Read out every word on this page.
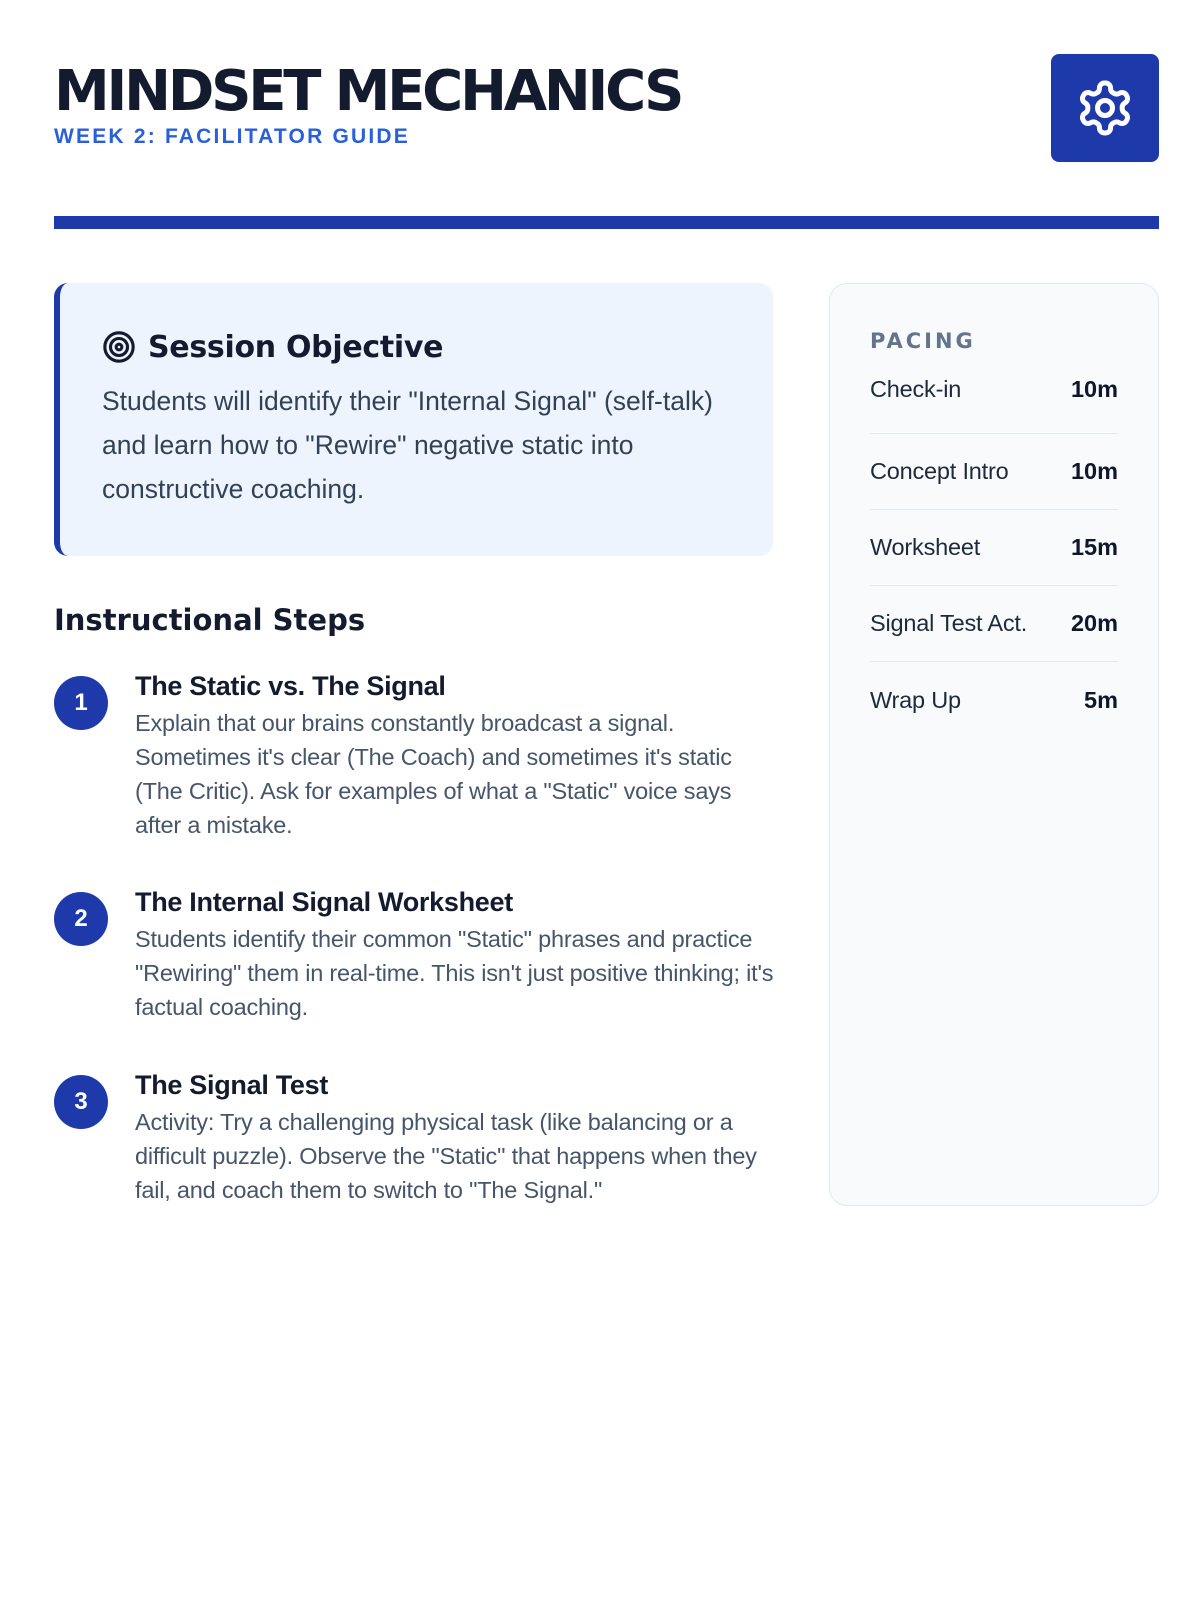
MINDSET MECHANICS
WEEK 2: FACILITATOR GUIDE
Session Objective

Students will identify their "Internal Signal" (self-talk) and learn how to "Rewire" negative static into constructive coaching.

Instructional Steps
1
The Static vs. The Signal
Explain that our brains constantly broadcast a signal. Sometimes it's clear (The Coach) and sometimes it's static (The Critic). Ask for examples of what a "Static" voice says after a mistake.
2
The Internal Signal Worksheet
Students identify their common "Static" phrases and practice "Rewiring" them in real-time. This isn't just positive thinking; it's factual coaching.
3
The Signal Test
Activity: Try a challenging physical task (like balancing or a difficult puzzle). Observe the "Static" that happens when they fail, and coach them to switch to "The Signal."
PACING
Check-in	10m
Concept Intro	10m
Worksheet	15m
Signal Test Act. 20m
Wrap Up	5m
